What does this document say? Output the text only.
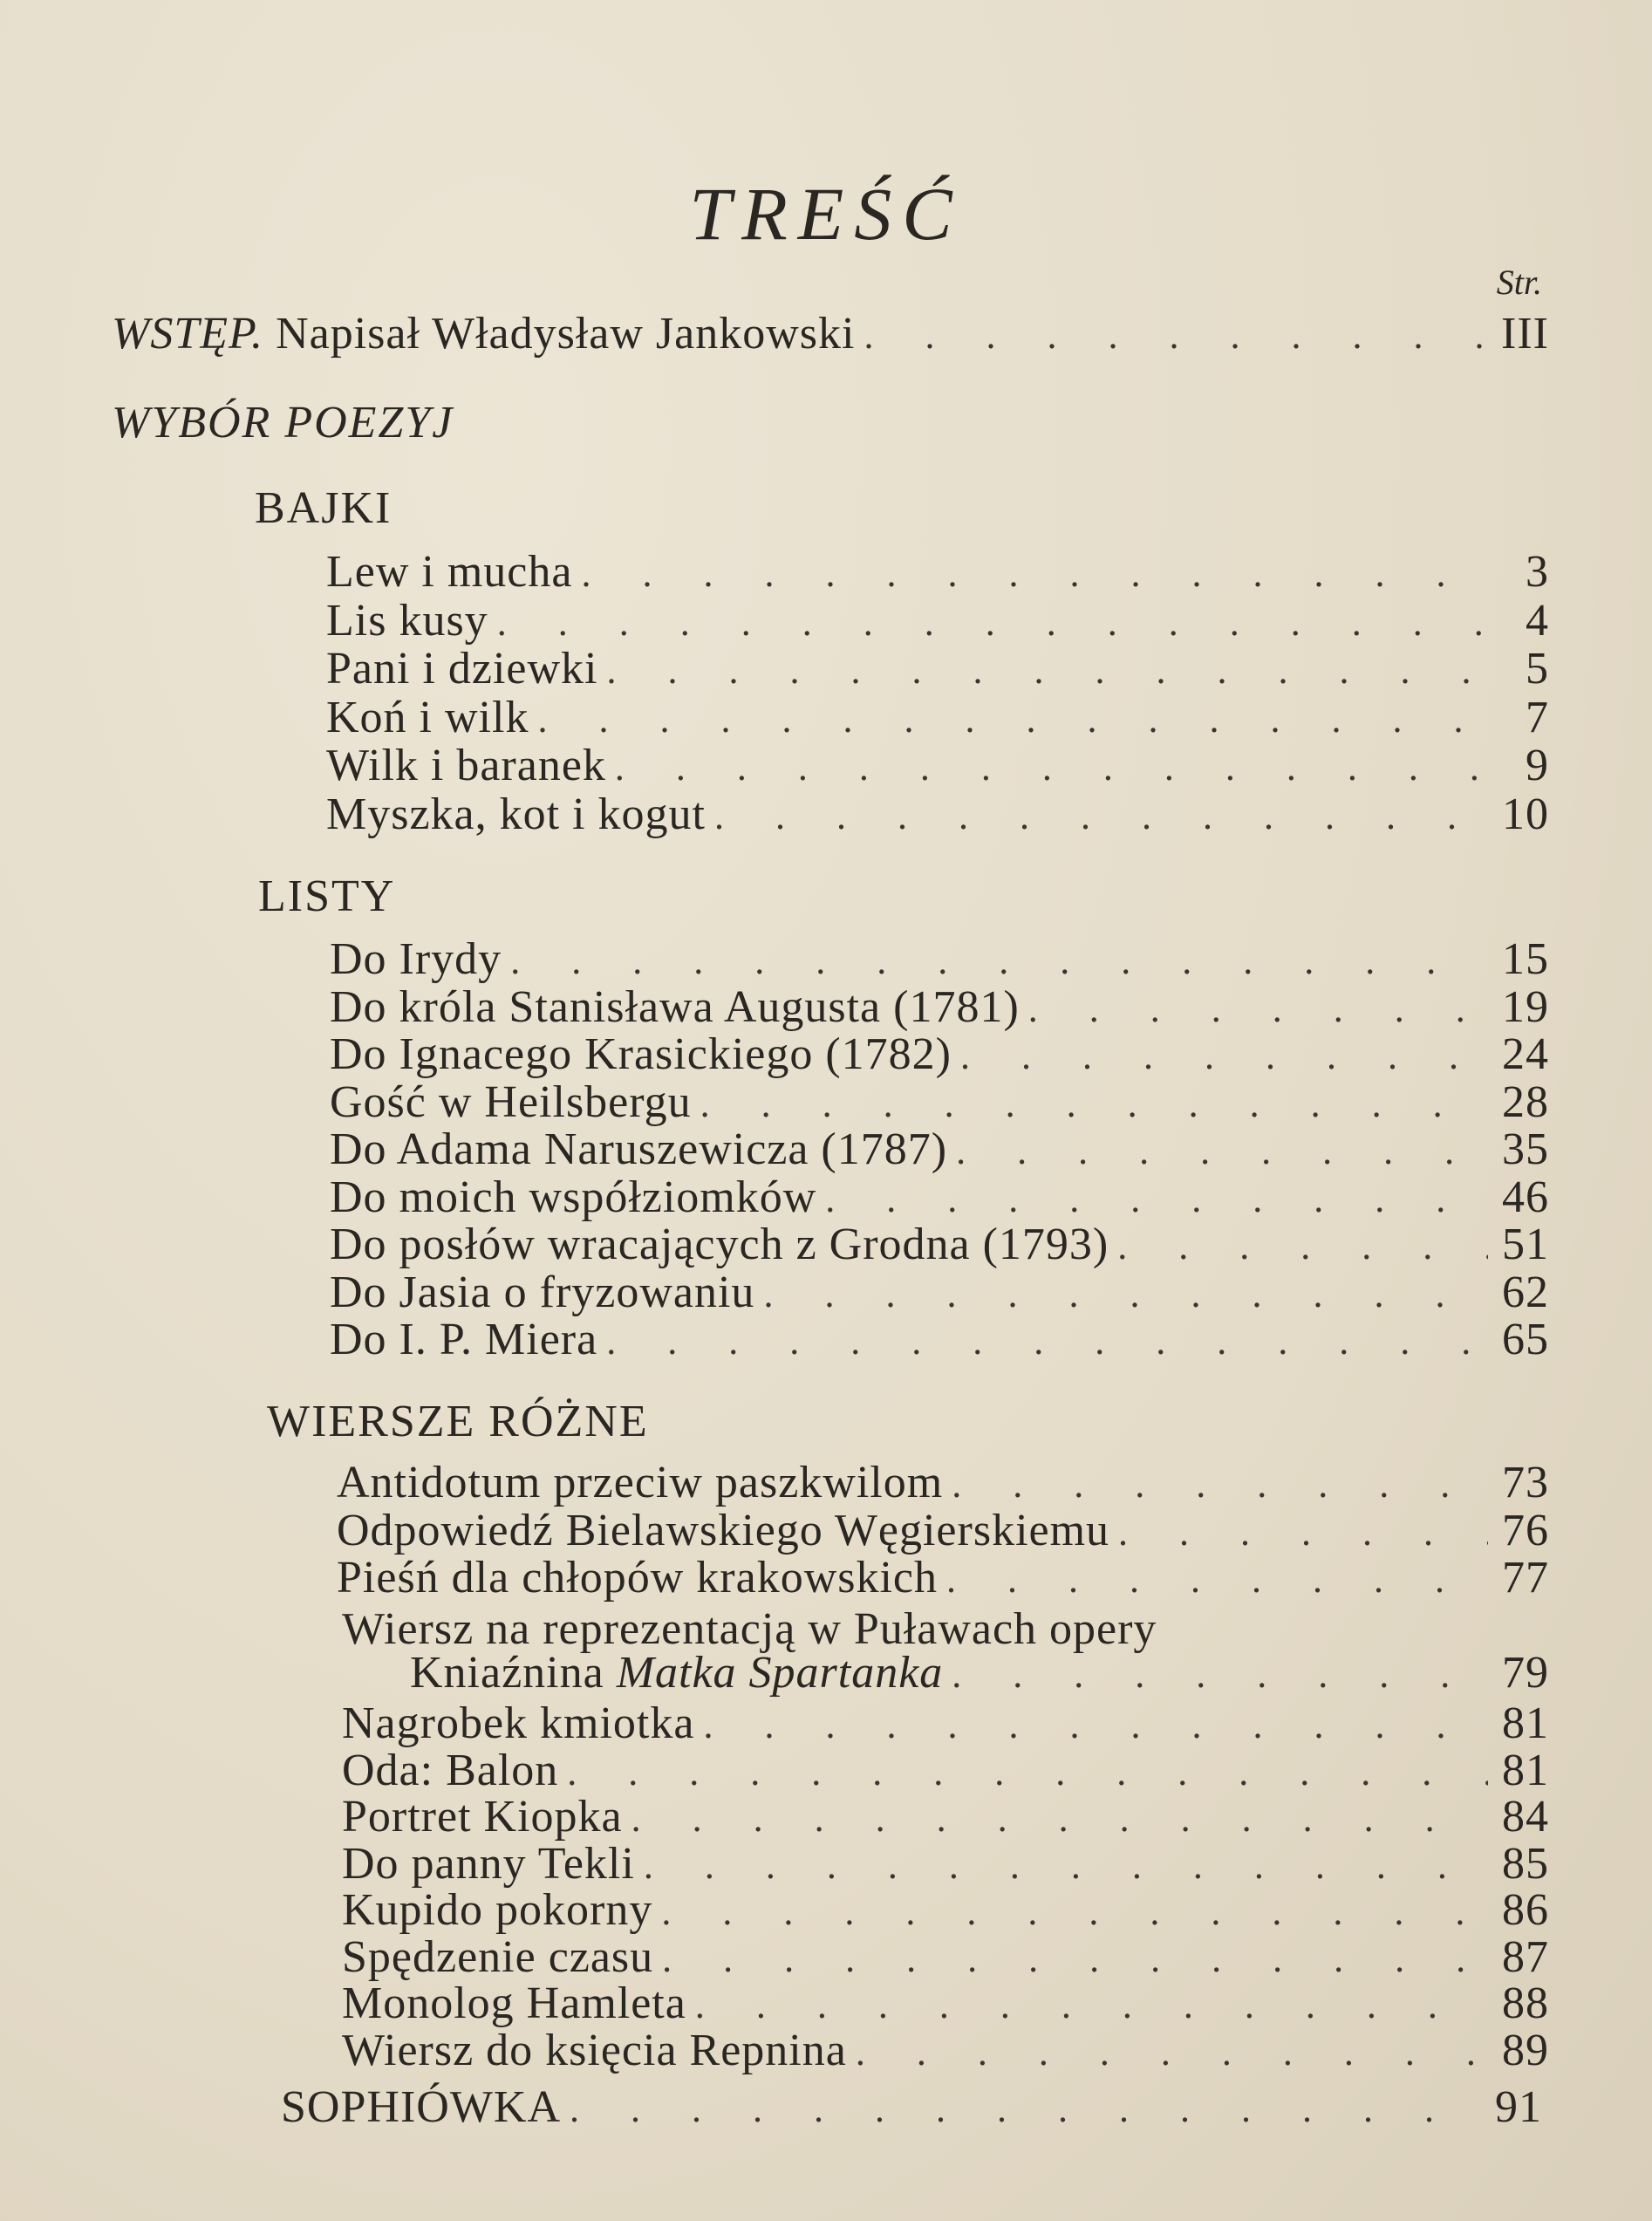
TREŚĆ
Str.
WSTĘP. Napisał Władysław Jankowski . . .	III
WYBÓR POEZYJ
BAJKI
Lew i mucha . . .	3
Lis kusy . . .	4
Pani i dziewki . . .	5
Koń i wilk . . .	7
Wilk i baranek . . .	9
Myszka, kot i kogut . . .	10
LISTY
Do Irydy . . .	15
Do króla Stanisława Augusta (1781) . . .	19
Do Ignacego Krasickiego (1782) . . .	24
Gość w Heilsbergu . . .	28
Do Adama Naruszewicza (1787) . . .	35
Do moich współziomków . . .	46
Do posłów wracających z Grodna (1793) . . .	51
Do Jasia o fryzowaniu . . .	62
Do I. P. Miera . . .	65
WIERSZE RÓŻNE
Antidotum przeciw paszkwilom . . .	73
Odpowiedź Bielawskiego Węgierskiemu . . .	76
Pieśń dla chłopów krakowskich . . .	77
Wiersz na reprezentacją w Puławach opery
Kniaźnina Matka Spartanka . . .	79
Nagrobek kmiotka . . .	81
Oda: Balon . . .	81
Portret Kiopka . . .	84
Do panny Tekli . . .	85
Kupido pokorny . . .	86
Spędzenie czasu . . .	87
Monolog Hamleta . . .	88
Wiersz do księcia Repnina . . .	89
SOPHIÓWKA . . .	91
